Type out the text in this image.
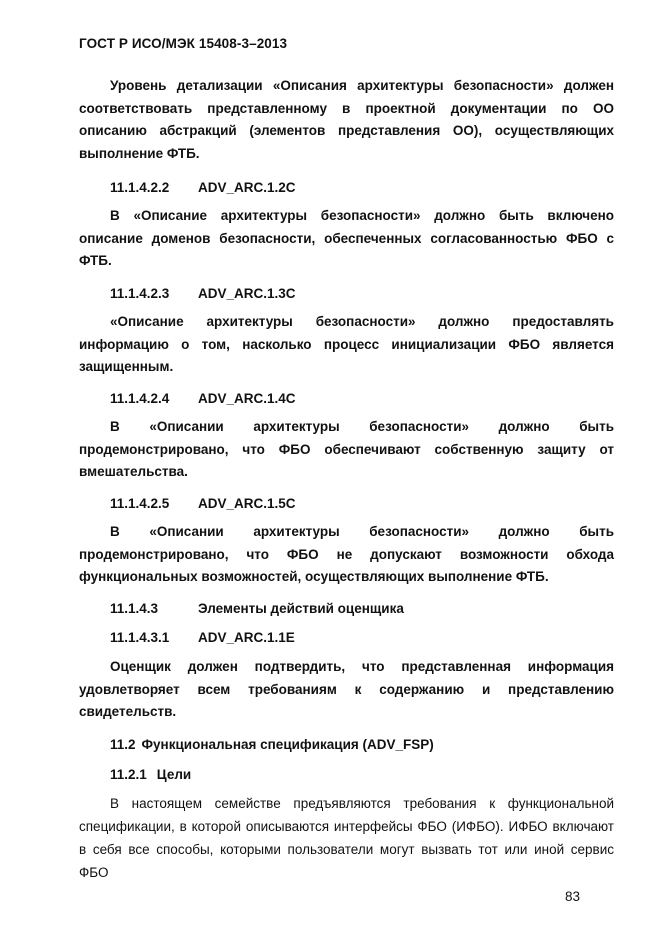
ГОСТ Р ИСО/МЭК 15408-3–2013
Уровень детализации «Описания архитектуры безопасности» должен соответствовать представленному в проектной документации по ОО описанию абстракций (элементов представления ОО), осуществляющих выполнение ФТБ.
11.1.4.2.2 ADV_ARC.1.2C
В «Описание архитектуры безопасности» должно быть включено описание доменов безопасности, обеспеченных согласованностью ФБО с ФТБ.
11.1.4.2.3 ADV_ARC.1.3C
«Описание архитектуры безопасности» должно предоставлять информацию о том, насколько процесс инициализации ФБО является защищенным.
11.1.4.2.4 ADV_ARC.1.4C
В «Описании архитектуры безопасности» должно быть продемонстрировано, что ФБО обеспечивают собственную защиту от вмешательства.
11.1.4.2.5 ADV_ARC.1.5C
В «Описании архитектуры безопасности» должно быть продемонстрировано, что ФБО не допускают возможности обхода функциональных возможностей, осуществляющих выполнение ФТБ.
11.1.4.3	Элементы действий оценщика
11.1.4.3.1 ADV_ARC.1.1E
Оценщик должен подтвердить, что представленная информация удовлетворяет всем требованиям к содержанию и представлению свидетельств.
11.2 Функциональная спецификация (ADV_FSP)
11.2.1 Цели
В настоящем семействе предъявляются требования к функциональной спецификации, в которой описываются интерфейсы ФБО (ИФБО). ИФБО включают в себя все способы, которыми пользователи могут вызвать тот или иной сервис ФБО
83
